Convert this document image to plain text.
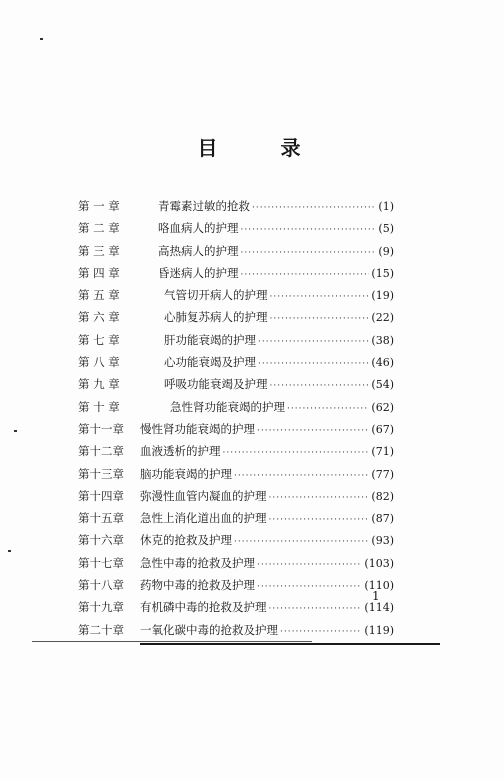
目 录
第 一 章	青霉素过敏的抢救 ·····	(1)
第 二 章	咯血病人的护理 ·····	(5)
第 三 章	高热病人的护理 ·····	(9)
第 四 章	昏迷病人的护理 ·····	(15)
第 五 章	气管切开病人的护理 ·····	(19)
第 六 章	心肺复苏病人的护理 ·····	(22)
第 七 章	肝功能衰竭的护理 ·····	(38)
第 八 章	心功能衰竭及护理 ·····	(46)
第 九 章	呼吸功能衰竭及护理 ·····	(54)
第 十 章	急性肾功能衰竭的护理 ·····	(62)
第十一章	慢性肾功能衰竭的护理 ·····	(67)
第十二章	血液透析的护理 ·····	(71)
第十三章	脑功能衰竭的护理 ·····	(77)
第十四章	弥漫性血管内凝血的护理 ·····	(82)
第十五章	急性上消化道出血的护理 ·····	(87)
第十六章	休克的抢救及护理 ·····	(93)
第十七章	急性中毒的抢救及护理 ·····	(103)
第十八章	药物中毒的抢救及护理 ·····	(110)
第十九章	有机磷中毒的抢救及护理 ·····	(114)
第二十章	一氧化碳中毒的抢救及护理 ·····	(119)
1
